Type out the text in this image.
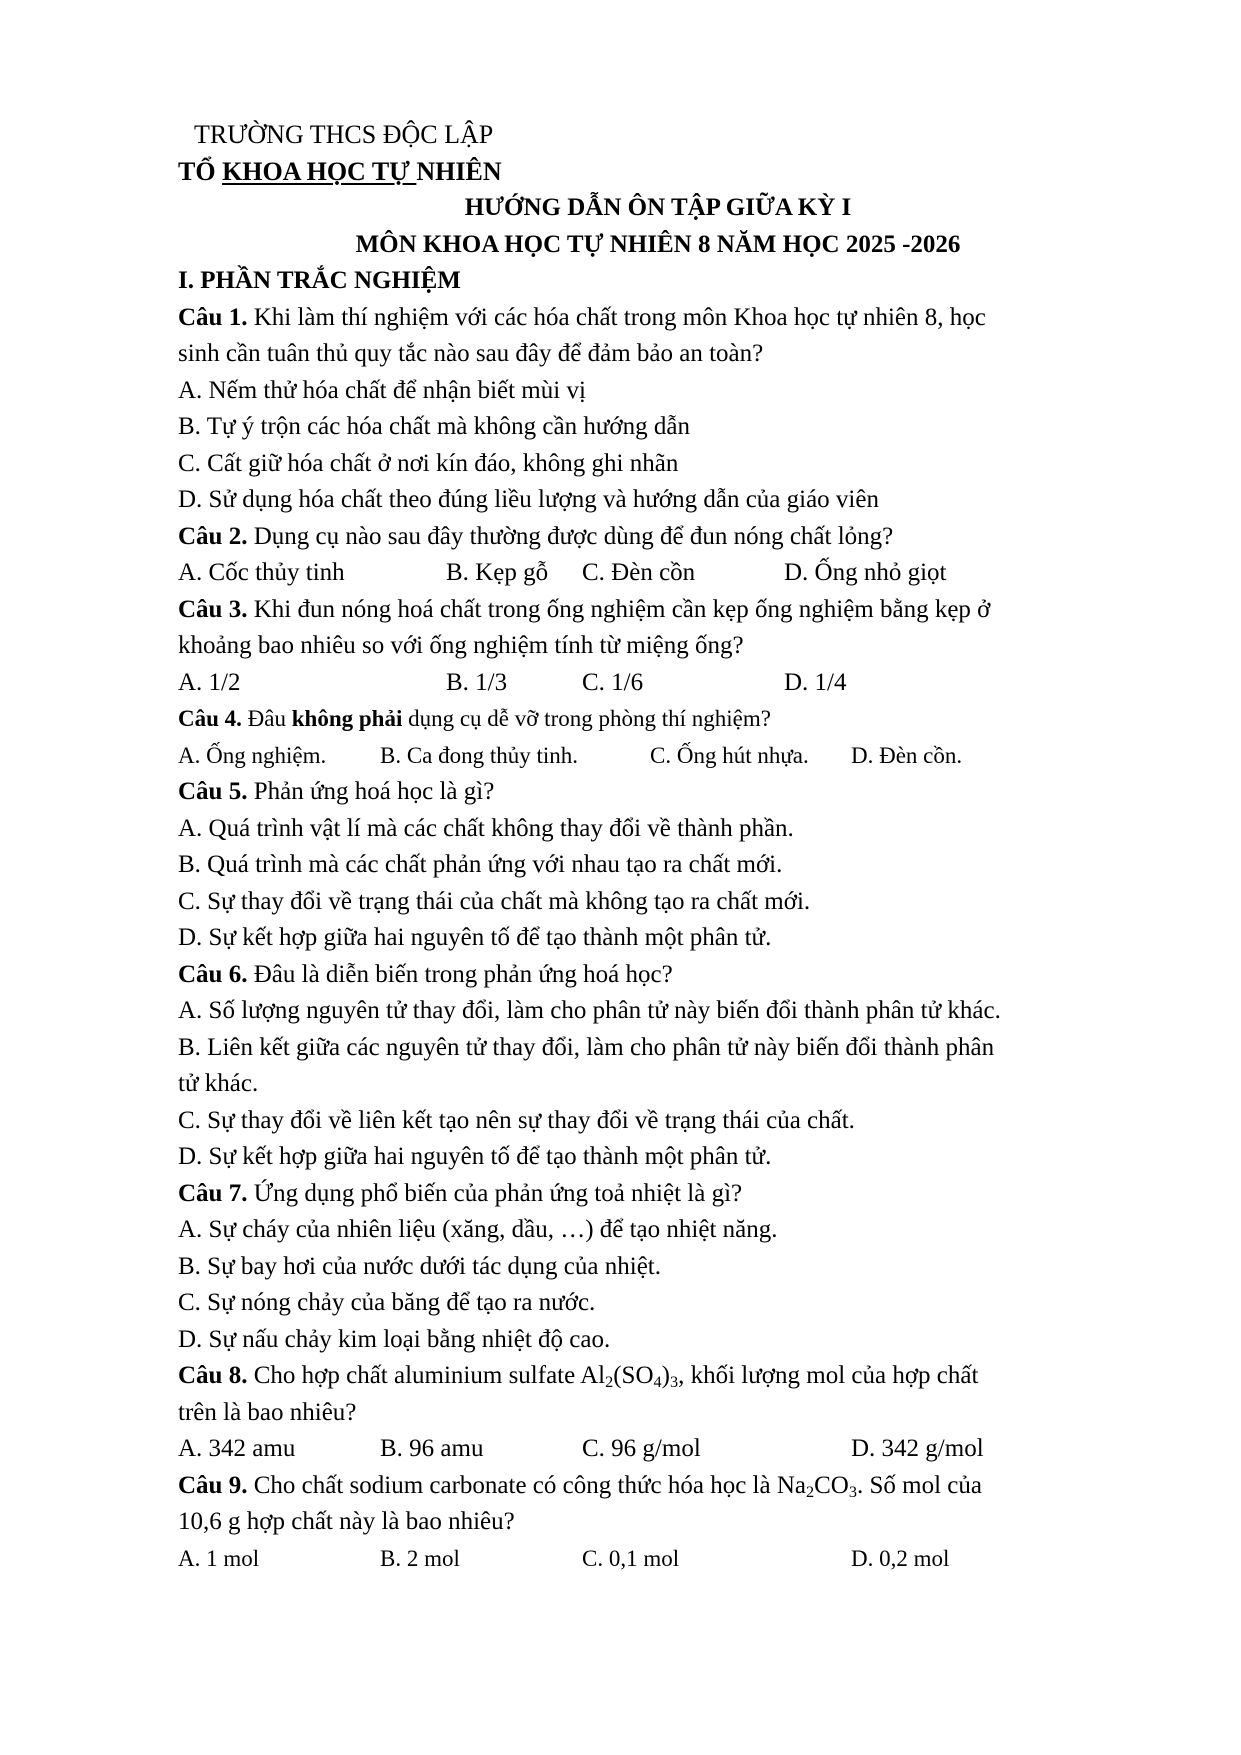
TRƯỜNG THCS ĐỘC LẬP
TỔ KHOA HỌC TỰ NHIÊN
HƯỚNG DẪN ÔN TẬP GIỮA KỲ I
MÔN KHOA HỌC TỰ NHIÊN 8 NĂM HỌC 2025 -2026
I. PHẦN TRẮC NGHIỆM
Câu 1. Khi làm thí nghiệm với các hóa chất trong môn Khoa học tự nhiên 8, học
sinh cần tuân thủ quy tắc nào sau đây để đảm bảo an toàn?
A. Nếm thử hóa chất để nhận biết mùi vị
B. Tự ý trộn các hóa chất mà không cần hướng dẫn
C. Cất giữ hóa chất ở nơi kín đáo, không ghi nhãn
D. Sử dụng hóa chất theo đúng liều lượng và hướng dẫn của giáo viên
Câu 2. Dụng cụ nào sau đây thường được dùng để đun nóng chất lỏng?
A. Cốc thủy tinh	B. Kẹp gỗ C. Đèn cồn	D. Ống nhỏ giọt
Câu 3. Khi đun nóng hoá chất trong ống nghiệm cần kẹp ống nghiệm bằng kẹp ở
khoảng bao nhiêu so với ống nghiệm tính từ miệng ống?
A. 1/2	B. 1/3	C. 1/6	D. 1/4
Câu 4. Đâu không phải dụng cụ dễ vỡ trong phòng thí nghiệm?
A. Ống nghiệm. B. Ca đong thủy tinh.	C. Ống hút nhựa. D. Đèn cồn.
Câu 5. Phản ứng hoá học là gì?
A. Quá trình vật lí mà các chất không thay đổi về thành phần.
B. Quá trình mà các chất phản ứng với nhau tạo ra chất mới.
C. Sự thay đổi về trạng thái của chất mà không tạo ra chất mới.
D. Sự kết hợp giữa hai nguyên tố để tạo thành một phân tử.
Câu 6. Đâu là diễn biến trong phản ứng hoá học?
A. Số lượng nguyên tử thay đổi, làm cho phân tử này biến đổi thành phân tử khác.
B. Liên kết giữa các nguyên tử thay đổi, làm cho phân tử này biến đổi thành phân
tử khác.
C. Sự thay đổi về liên kết tạo nên sự thay đổi về trạng thái của chất.
D. Sự kết hợp giữa hai nguyên tố để tạo thành một phân tử.
Câu 7. Ứng dụng phổ biến của phản ứng toả nhiệt là gì?
A. Sự cháy của nhiên liệu (xăng, dầu, …) để tạo nhiệt năng.
B. Sự bay hơi của nước dưới tác dụng của nhiệt.
C. Sự nóng chảy của băng để tạo ra nước.
D. Sự nấu chảy kim loại bằng nhiệt độ cao.
Câu 8. Cho hợp chất aluminium sulfate $Al_2(SO_4)_3$, khối lượng mol của hợp chất
trên là bao nhiêu?
A. 342 amu	B. 96 amu	C. 96 g/mol	D. 342 g/mol
Câu 9. Cho chất sodium carbonate có công thức hóa học là $Na_2CO_3$. Số mol của
10,6 g hợp chất này là bao nhiêu?
A. 1 mol	B. 2 mol	C. 0,1 mol	D. 0,2 mol
